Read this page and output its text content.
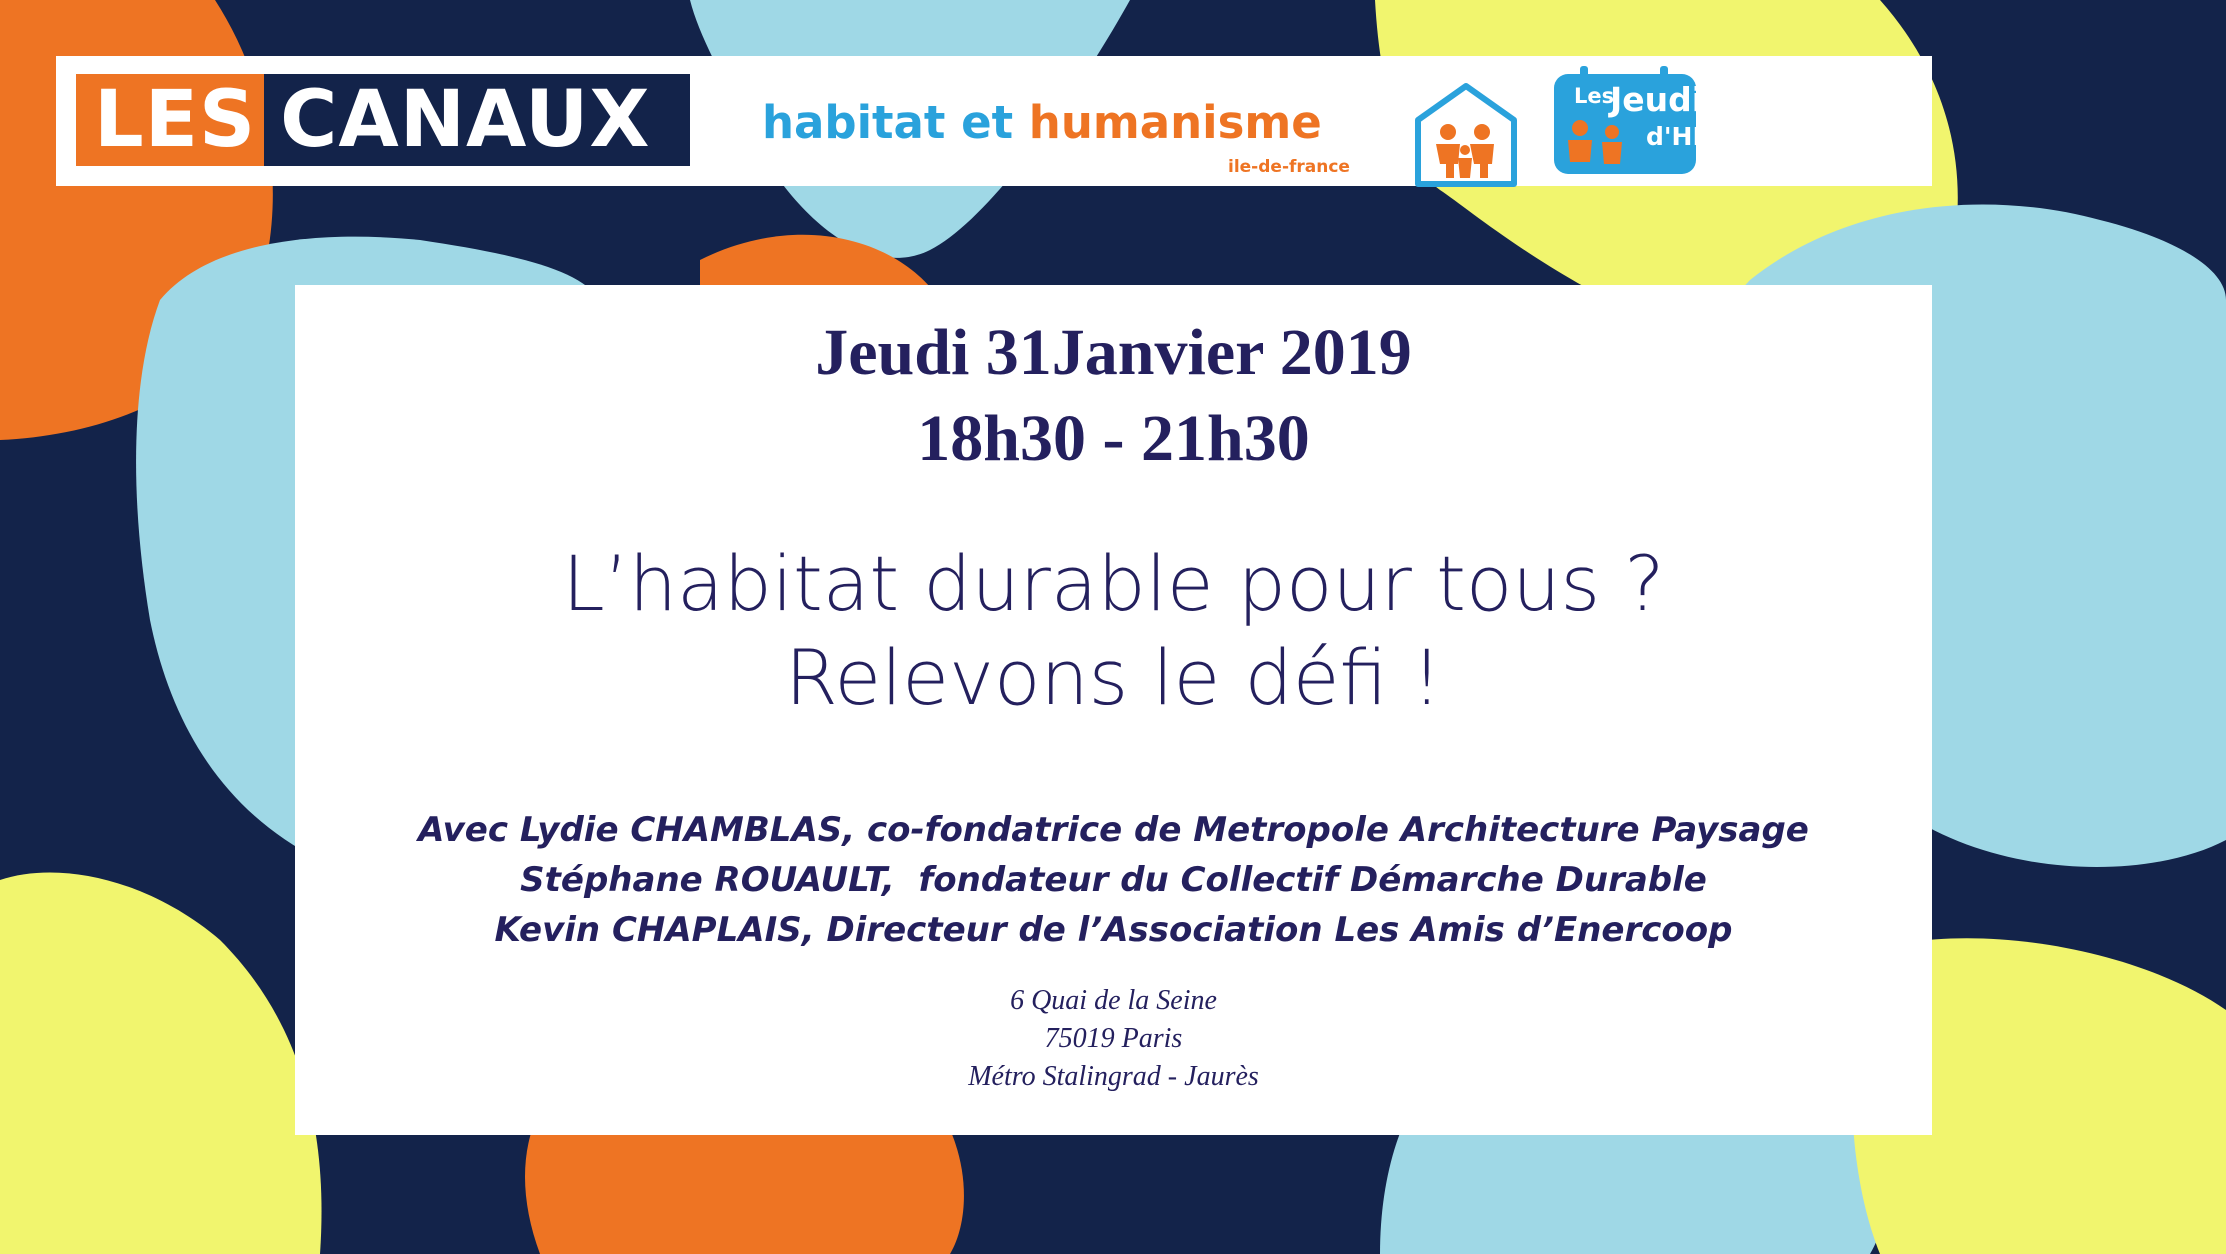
LES CANAUX habitat et humanisme
ile-de-france
Les
Jeudis
d'HH
Jeudi 31Janvier 2019
18h30 - 21h30
L’habitat durable pour tous ?
Relevons le défi !
Avec Lydie CHAMBLAS, co-fondatrice de Metropole Architecture Paysage
Stéphane ROUAULT,  fondateur du Collectif Démarche Durable
Kevin CHAPLAIS, Directeur de l’Association Les Amis d’Enercoop
6 Quai de la Seine
75019 Paris
Métro Stalingrad - Jaurès
